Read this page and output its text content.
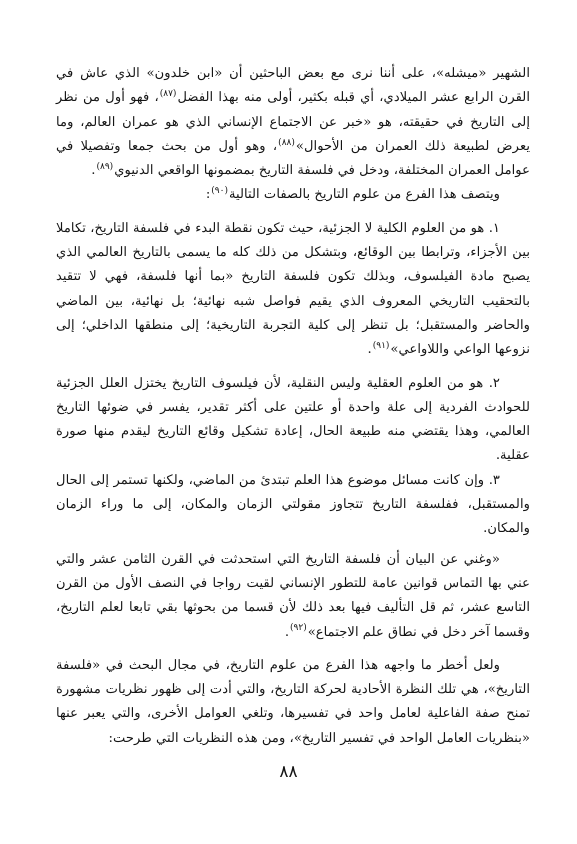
الشهير «ميشله»، على أننا نرى مع بعض الباحثين أن «ابن خلدون» الذي عاش في القرن الرابع عشر الميلادي، أي قبله بكثير، أولى منه بهذا الفضل$^{(٨٧)}$، فهو أول من نظر إلى التاريخ في حقيقته، هو «خبر عن الاجتماع الإنساني الذي هو عمران العالم، وما يعرض لطبيعة ذلك العمران من الأحوال»$^{(٨٨)}$، وهو أول من بحث جمعا وتفصيلا في عوامل العمران المختلفة، ودخل في فلسفة التاريخ بمضمونها الواقعي الدنيوي$^{(٨٩)}$.

ويتصف هذا الفرع من علوم التاريخ بالصفات التالية$^{(٩٠)}$:

١. هو من العلوم الكلية لا الجزئية، حيث تكون نقطة البدء في فلسفة التاريخ، تكاملا بين الأجزاء، وترابطا بين الوقائع، وبتشكل من ذلك كله ما يسمى بالتاريخ العالمي الذي يصبح مادة الفيلسوف، وبذلك تكون فلسفة التاريخ «بما أنها فلسفة، فهي لا تتقيد بالتحقيب التاريخي المعروف الذي يقيم فواصل شبه نهائية؛ بل نهائية، بين الماضي والحاضر والمستقبل؛ بل تنظر إلى كلية التجربة التاريخية؛ إلى منطقها الداخلي؛ إلى نزوعها الواعي واللاواعي»$^{(٩١)}$.

٢. هو من العلوم العقلية وليس النقلية، لأن فيلسوف التاريخ يختزل العلل الجزئية للحوادث الفردية إلى علة واحدة أو علتين على أكثر تقدير، يفسر في ضوئها التاريخ العالمي، وهذا يقتضي منه طبيعة الحال، إعادة تشكيل وقائع التاريخ ليقدم منها صورة عقلية.

٣. وإن كانت مسائل موضوع هذا العلم تبتدئ من الماضي، ولكنها تستمر إلى الحال والمستقبل، ففلسفة التاريخ تتجاوز مقولتي الزمان والمكان، إلى ما وراء الزمان والمكان.

«وغني عن البيان أن فلسفة التاريخ التي استحدثت في القرن الثامن عشر والتي عني بها التماس قوانين عامة للتطور الإنساني لقيت رواجا في النصف الأول من القرن التاسع عشر، ثم قل التأليف فيها بعد ذلك لأن قسما من بحوثها بقي تابعا لعلم التاريخ، وقسما آخر دخل في نطاق علم الاجتماع»$^{(٩٢)}$.

ولعل أخطر ما واجهه هذا الفرع من علوم التاريخ، في مجال البحث في «فلسفة التاريخ»، هي تلك النظرة الأحادية لحركة التاريخ، والتي أدت إلى ظهور نظريات مشهورة تمنح صفة الفاعلية لعامل واحد في تفسيرها، وتلغي العوامل الأخرى، والتي يعبر عنها «بنظريات العامل الواحد في تفسير التاريخ»، ومن هذه النظريات التي طرحت:

٨٨
